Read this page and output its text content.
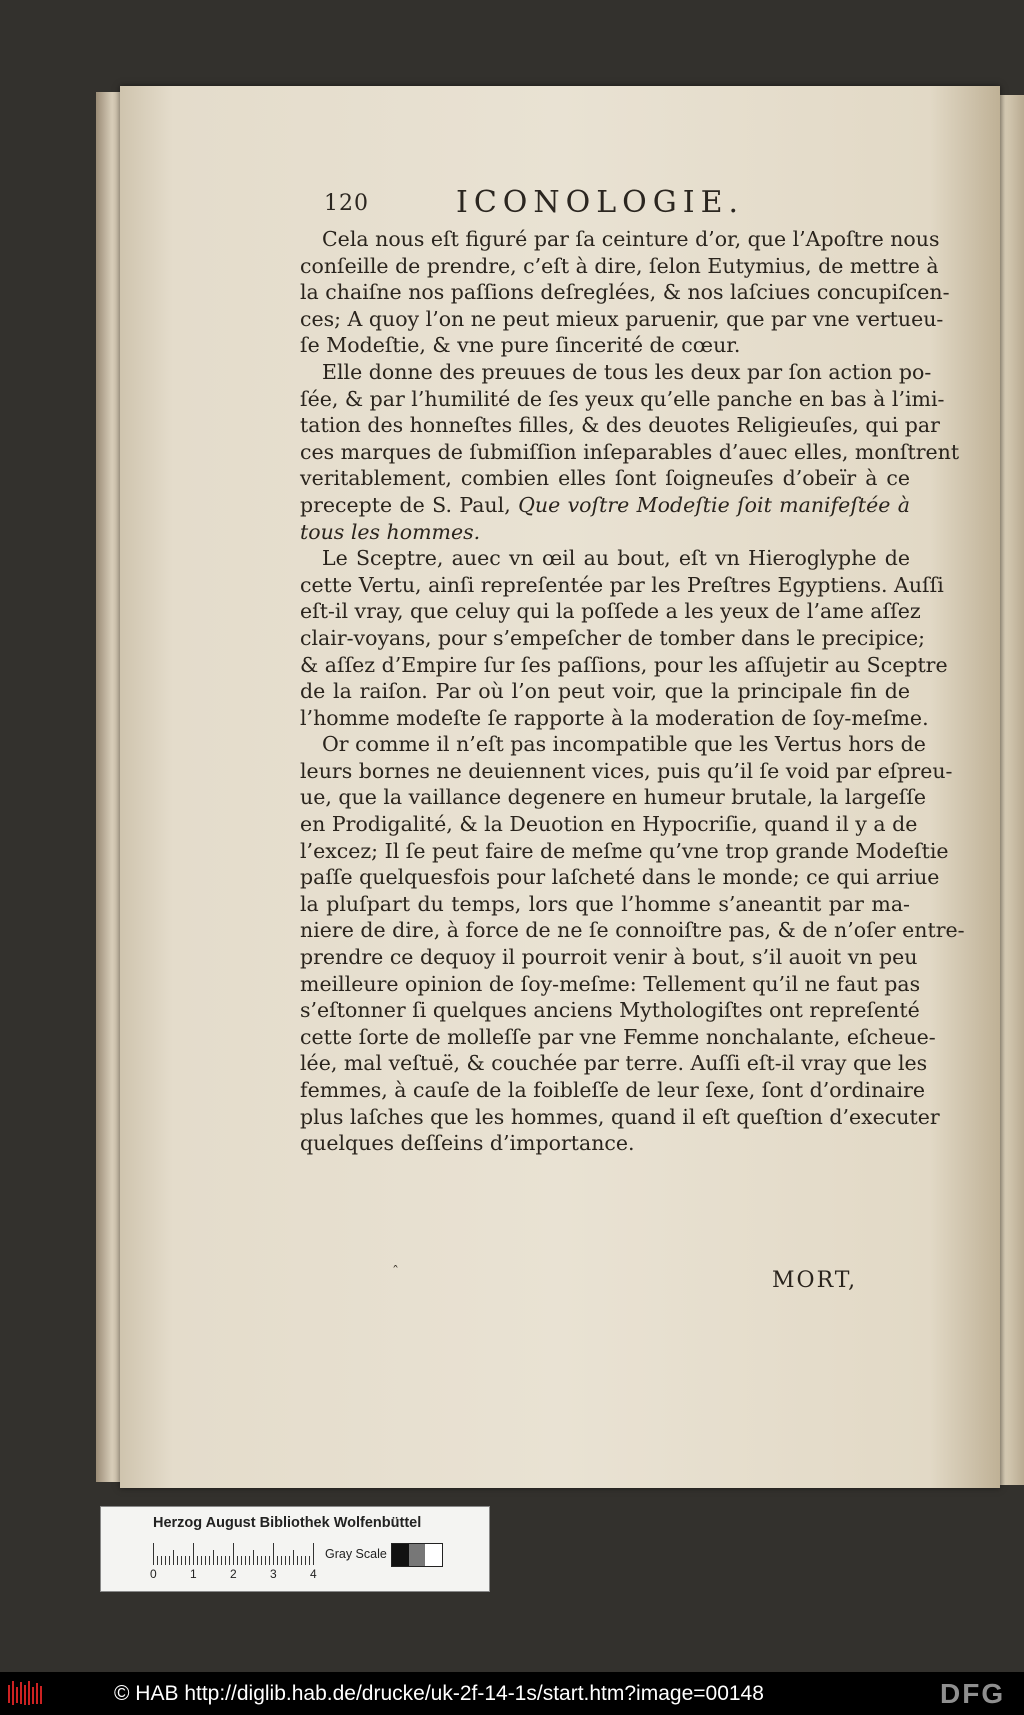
120	ICONOLOGIE.
Cela nous eſt figuré par ſa ceinture d’or, que l’Apoſtre nous
conſeille de prendre, c’eſt à dire, ſelon Eutymius, de mettre à
la chaiſne nos paſſions deſreglées, & nos laſciues concupiſcen-
ces; A quoy l’on ne peut mieux paruenir, que par vne vertueu-
ſe Modeſtie, & vne pure ſincerité de cœur.
Elle donne des preuues de tous les deux par ſon action po-
ſée, & par l’humilité de ſes yeux qu’elle panche en bas à l’imi-
tation des honneſtes filles, & des deuotes Religieuſes, qui par
ces marques de ſubmiſſion inſeparables d’auec elles, monſtrent
veritablement, combien elles ſont ſoigneuſes d’obeïr à ce
precepte de S. Paul, Que voſtre Modeſtie ſoit manifeſtée à
tous les hommes.
Le Sceptre, auec vn œil au bout, eſt vn Hieroglyphe de
cette Vertu, ainſi repreſentée par les Preſtres Egyptiens. Auſſi
eſt-il vray, que celuy qui la poſſede a les yeux de l’ame aſſez
clair-voyans, pour s’empeſcher de tomber dans le precipice;
& aſſez d’Empire ſur ſes paſſions, pour les aſſujetir au Sceptre
de la raiſon. Par où l’on peut voir, que la principale fin de
l’homme modeſte ſe rapporte à la moderation de ſoy-meſme.
Or comme il n’eſt pas incompatible que les Vertus hors de
leurs bornes ne deuiennent vices, puis qu’il ſe void par eſpreu-
ue, que la vaillance degenere en humeur brutale, la largeſſe
en Prodigalité, & la Deuotion en Hypocriſie, quand il y a de
l’excez; Il ſe peut faire de meſme qu’vne trop grande Modeſtie
paſſe quelquesfois pour laſcheté dans le monde; ce qui arriue
la pluſpart du temps, lors que l’homme s’aneantit par ma-
niere de dire, à force de ne ſe connoiſtre pas, & de n’oſer entre-
prendre ce dequoy il pourroit venir à bout, s’il auoit vn peu
meilleure opinion de ſoy-meſme: Tellement qu’il ne faut pas
s’eſtonner ſi quelques anciens Mythologiſtes ont repreſenté
cette ſorte de molleſſe par vne Femme nonchalante, eſcheue-
lée, mal veſtuë, & couchée par terre. Auſſi eſt-il vray que les
femmes, à cauſe de la foibleſſe de leur ſexe, ſont d’ordinaire
plus laſches que les hommes, quand il eſt queſtion d’executer
quelques deſſeins d’importance.
ˆ	MORT,
Herzog August Bibliothek Wolfenbüttel
0	1	2	3	4
Gray Scale
© HAB http://diglib.hab.de/drucke/uk-2f-14-1s/start.htm?image=00148	DFG
